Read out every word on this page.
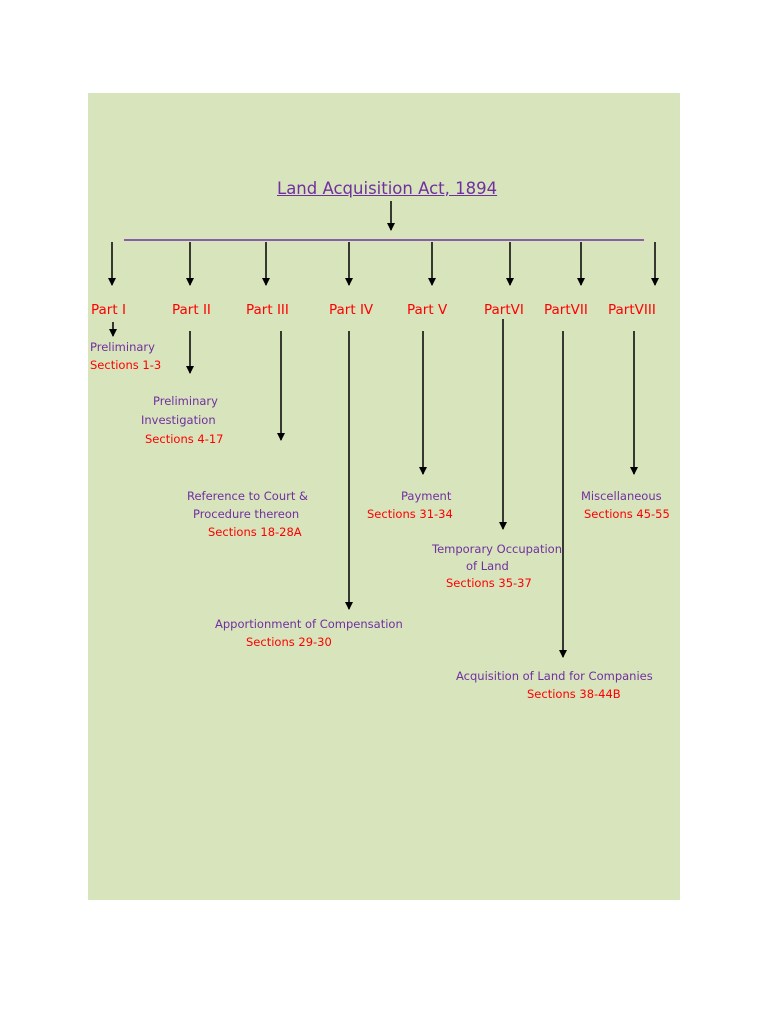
Land Acquisition Act, 1894
Part I	Part II	Part III	Part IV	Part V	PartVI PartVII PartVIII
Preliminary
Sections 1-3
Preliminary
Investigation
Sections 4-17
Reference to Court &
Procedure thereon
Sections 18-28A
Apportionment of Compensation
Sections 29-30
Payment
Sections 31-34
Temporary Occupation
of Land
Sections 35-37
Acquisition of Land for Companies
Sections 38-44B
Miscellaneous
Sections 45-55
